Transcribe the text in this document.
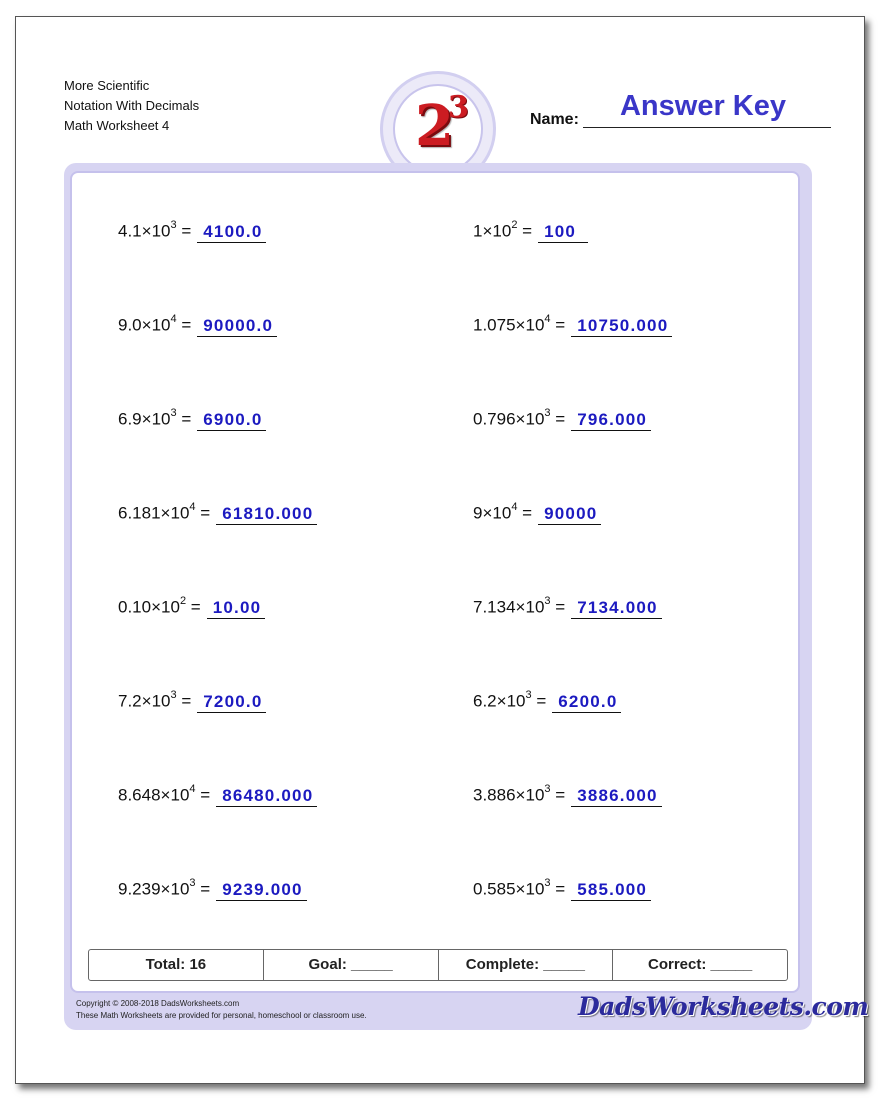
More Scientific
Notation With Decimals
Math Worksheet 4	2
3	Name:	Answer Key
$4.1\times 10^3 = 4100.0$	$1\times 10^2 = 100$
$9.0\times 10^4 = 90000.0$	$1.075\times 10^4 = 10750.000$
$6.9\times 10^3 = 6900.0$	$0.796\times 10^3 = 796.000$
$6.181\times 10^4 = 61810.000$	$9\times 10^4 = 90000$
$0.10\times 10^2 = 10.00$	$7.134\times 10^3 = 7134.000$
$7.2\times 10^3 = 7200.0$	$6.2\times 10^3 = 6200.0$
$8.648\times 10^4 = 86480.000$	$3.886\times 10^3 = 3886.000$
$9.239\times 10^3 = 9239.000$	$0.585\times 10^3 = 585.000$
Total: 16	Goal: _____	Complete: _____	Correct: _____
Copyright © 2008-2018 DadsWorksheets.com
These Math Worksheets are provided for personal, homeschool or classroom use.	DadsWorksheets.com
